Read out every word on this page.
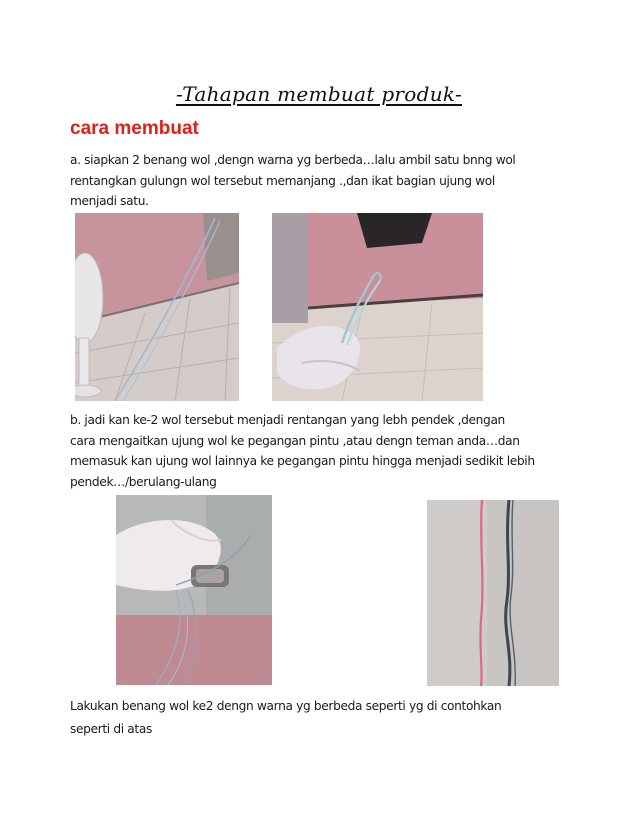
-Tahapan membuat produk-
cara membuat
a. siapkan 2 benang wol ,dengn warna yg berbeda…lalu ambil satu bnng wol
rentangkan gulungn wol tersebut memanjang .,dan ikat bagian ujung wol
menjadi satu.
b. jadi kan ke-2 wol tersebut menjadi rentangan yang lebh pendek ,dengan
cara mengaitkan ujung wol ke pegangan pintu ,atau dengn teman anda…dan
memasuk kan ujung wol lainnya ke pegangan pintu hingga menjadi sedikit lebih
pendek…/berulang-ulang
Lakukan benang wol ke2 dengn warna yg berbeda seperti yg di contohkan
seperti di atas
